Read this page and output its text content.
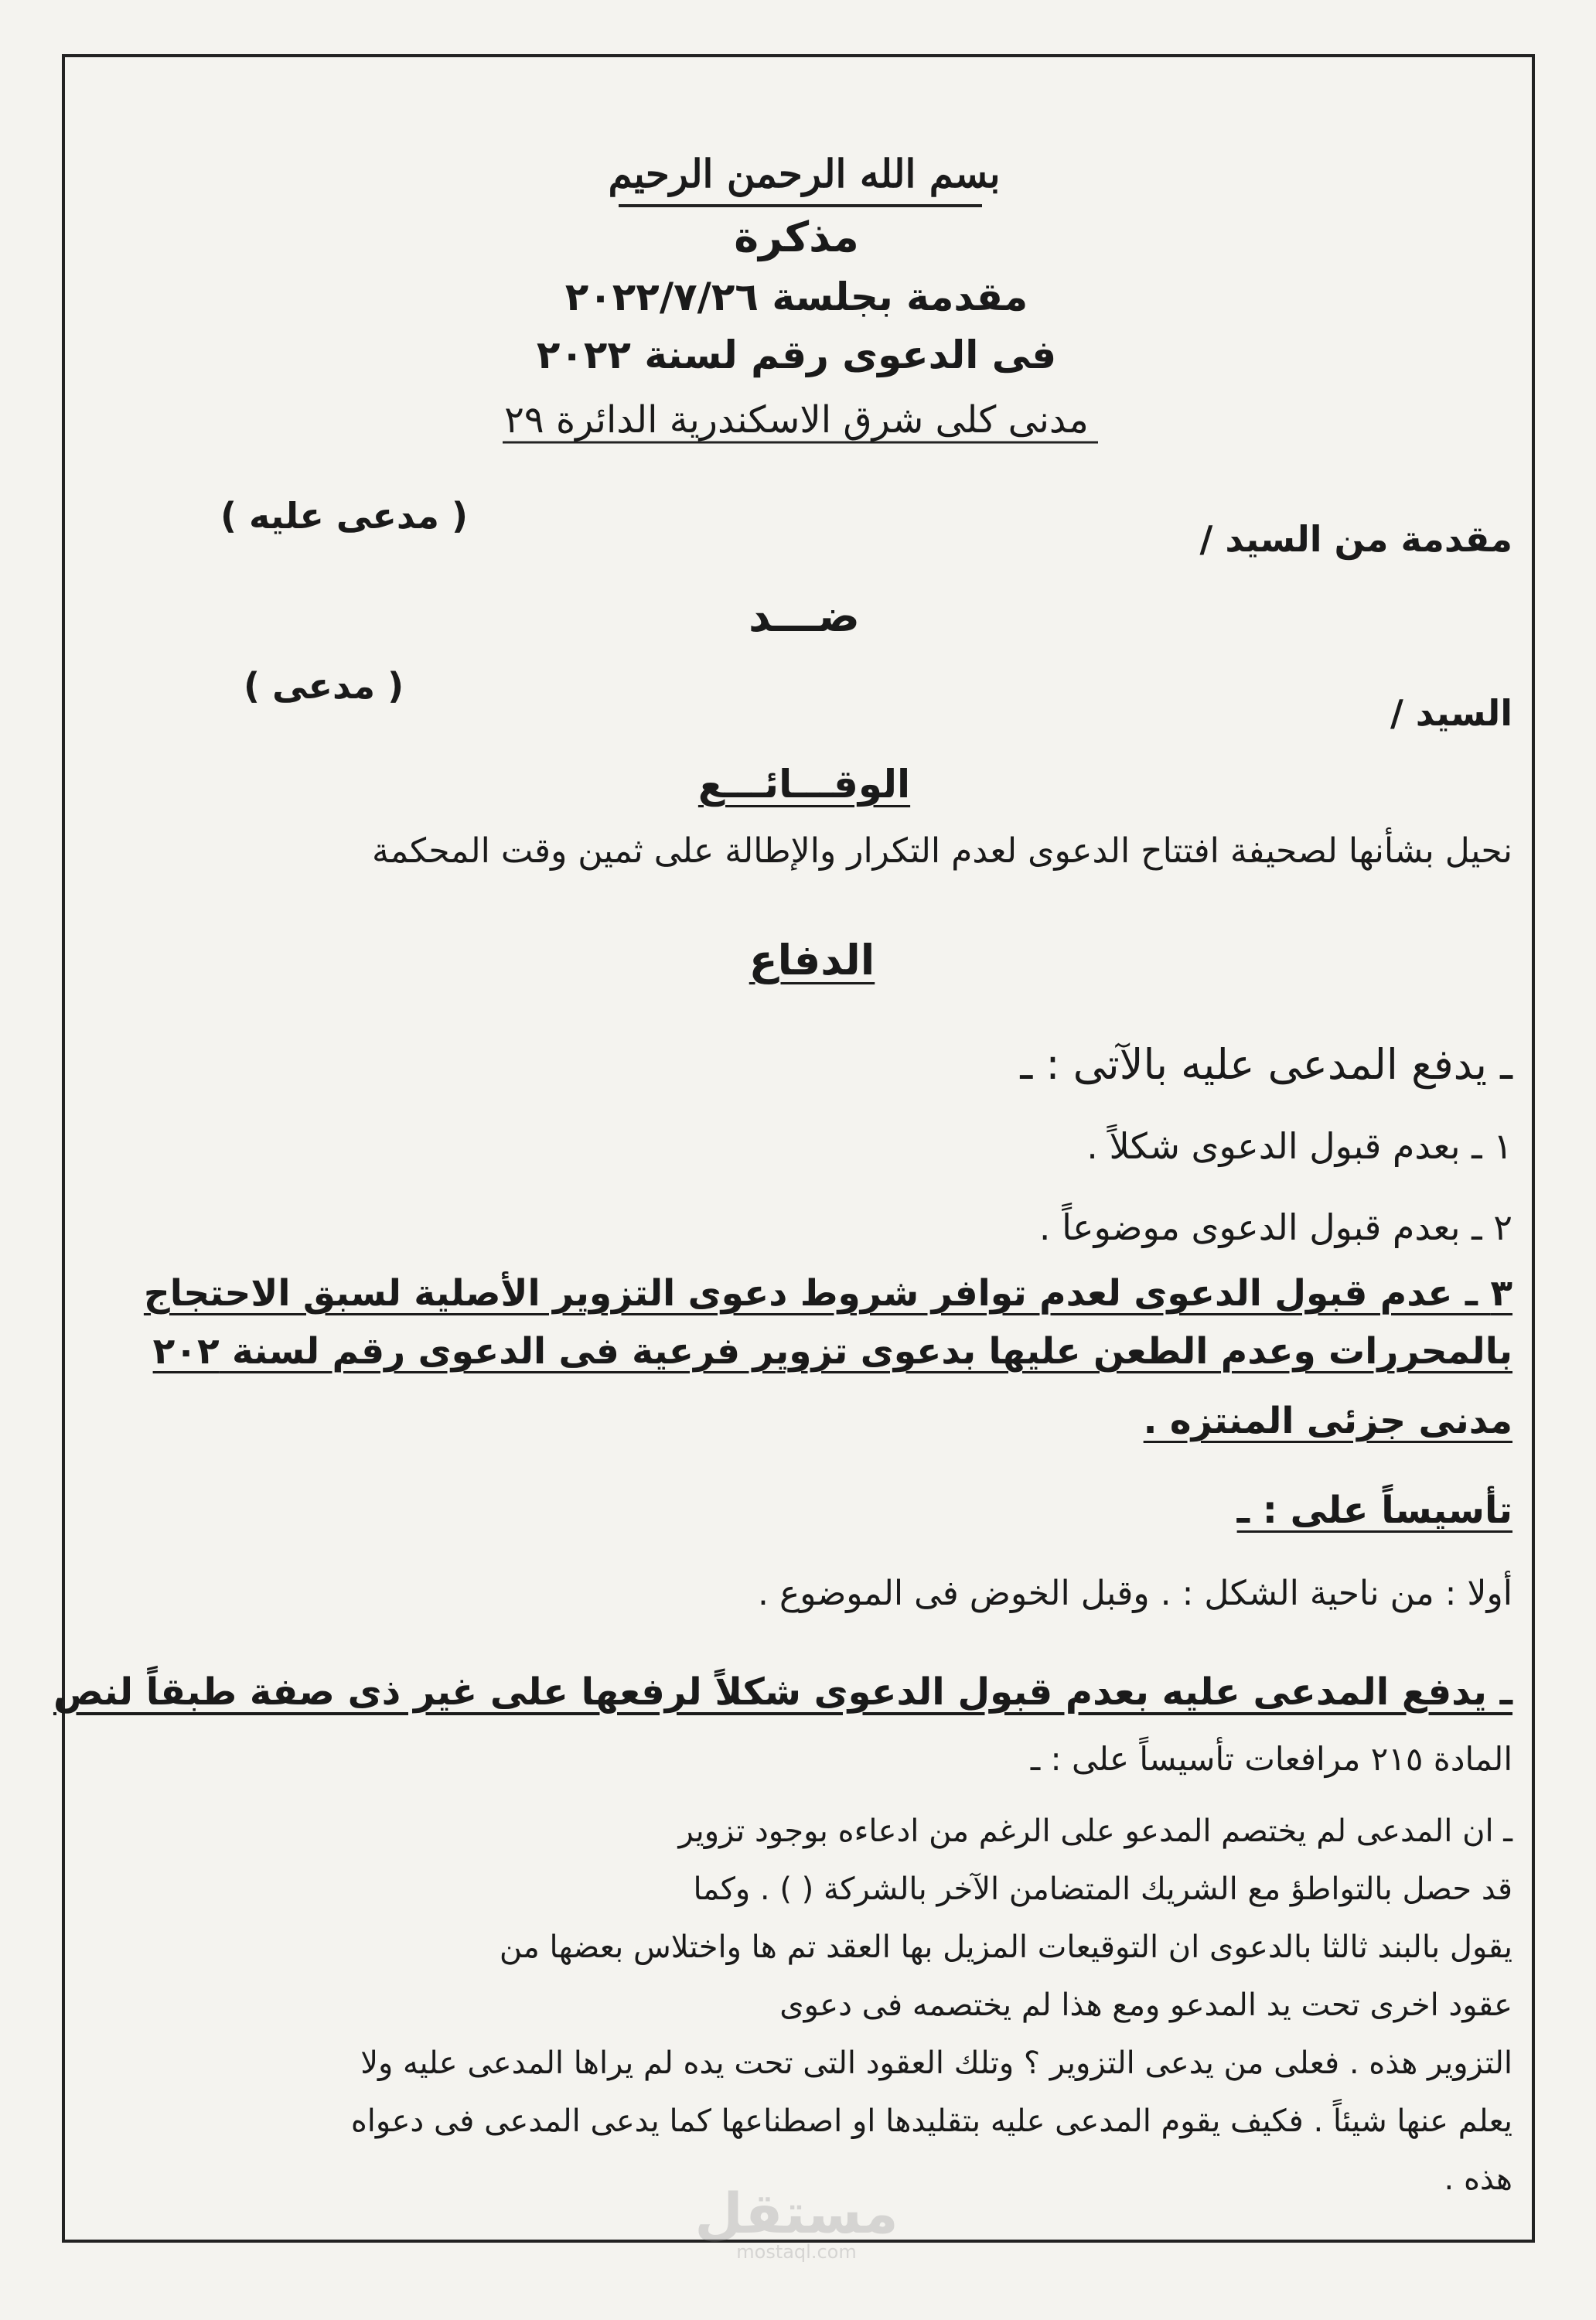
بسم الله الرحمن الرحيم
مذكرة
مقدمة بجلسة ٢٠٢٢/٧/٢٦
فى الدعوى رقم لسنة ٢٠٢٢
مدنى كلى شرق الاسكندرية الدائرة ٢٩
( مدعى عليه )
مقدمة من السيد /
ضـــد
( مدعى )
السيد /
الوقـــائـــع
نحيل بشأنها لصحيفة افتتاح الدعوى لعدم التكرار والإطالة على ثمين وقت المحكمة
الدفاع
ـ يدفع المدعى عليه بالآتى : ـ
١ ـ بعدم قبول الدعوى شكلاً .
٢ ـ بعدم قبول الدعوى موضوعاً .
٣ ـ عدم قبول الدعوى لعدم توافر شروط دعوى التزوير الأصلية لسبق الاحتجاج
بالمحررات وعدم الطعن عليها بدعوى تزوير فرعية فى الدعوى رقم لسنة ٢٠٢
مدنى جزئى المنتزه .
تأسيساً على : ـ
أولا : من ناحية الشكل : . وقبل الخوض فى الموضوع .
ـ يدفع المدعى عليه بعدم قبول الدعوى شكلاً لرفعها على غير ذى صفة طبقاً لنص
المادة ٢١٥ مرافعات تأسيساً على : ـ
ـ ان المدعى لم يختصم المدعو على الرغم من ادعاءه بوجود تزوير
قد حصل بالتواطؤ مع الشريك المتضامن الآخر بالشركة ( ) . وكما
يقول بالبند ثالثا بالدعوى ان التوقيعات المزيل بها العقد تم ها واختلاس بعضها من
عقود اخرى تحت يد المدعو ومع هذا لم يختصمه فى دعوى
التزوير هذه . فعلى من يدعى التزوير ؟ وتلك العقود التى تحت يده لم يراها المدعى عليه ولا
يعلم عنها شيئاً . فكيف يقوم المدعى عليه بتقليدها او اصطناعها كما يدعى المدعى فى دعواه
هذه .
مستقل
mostaql.com
